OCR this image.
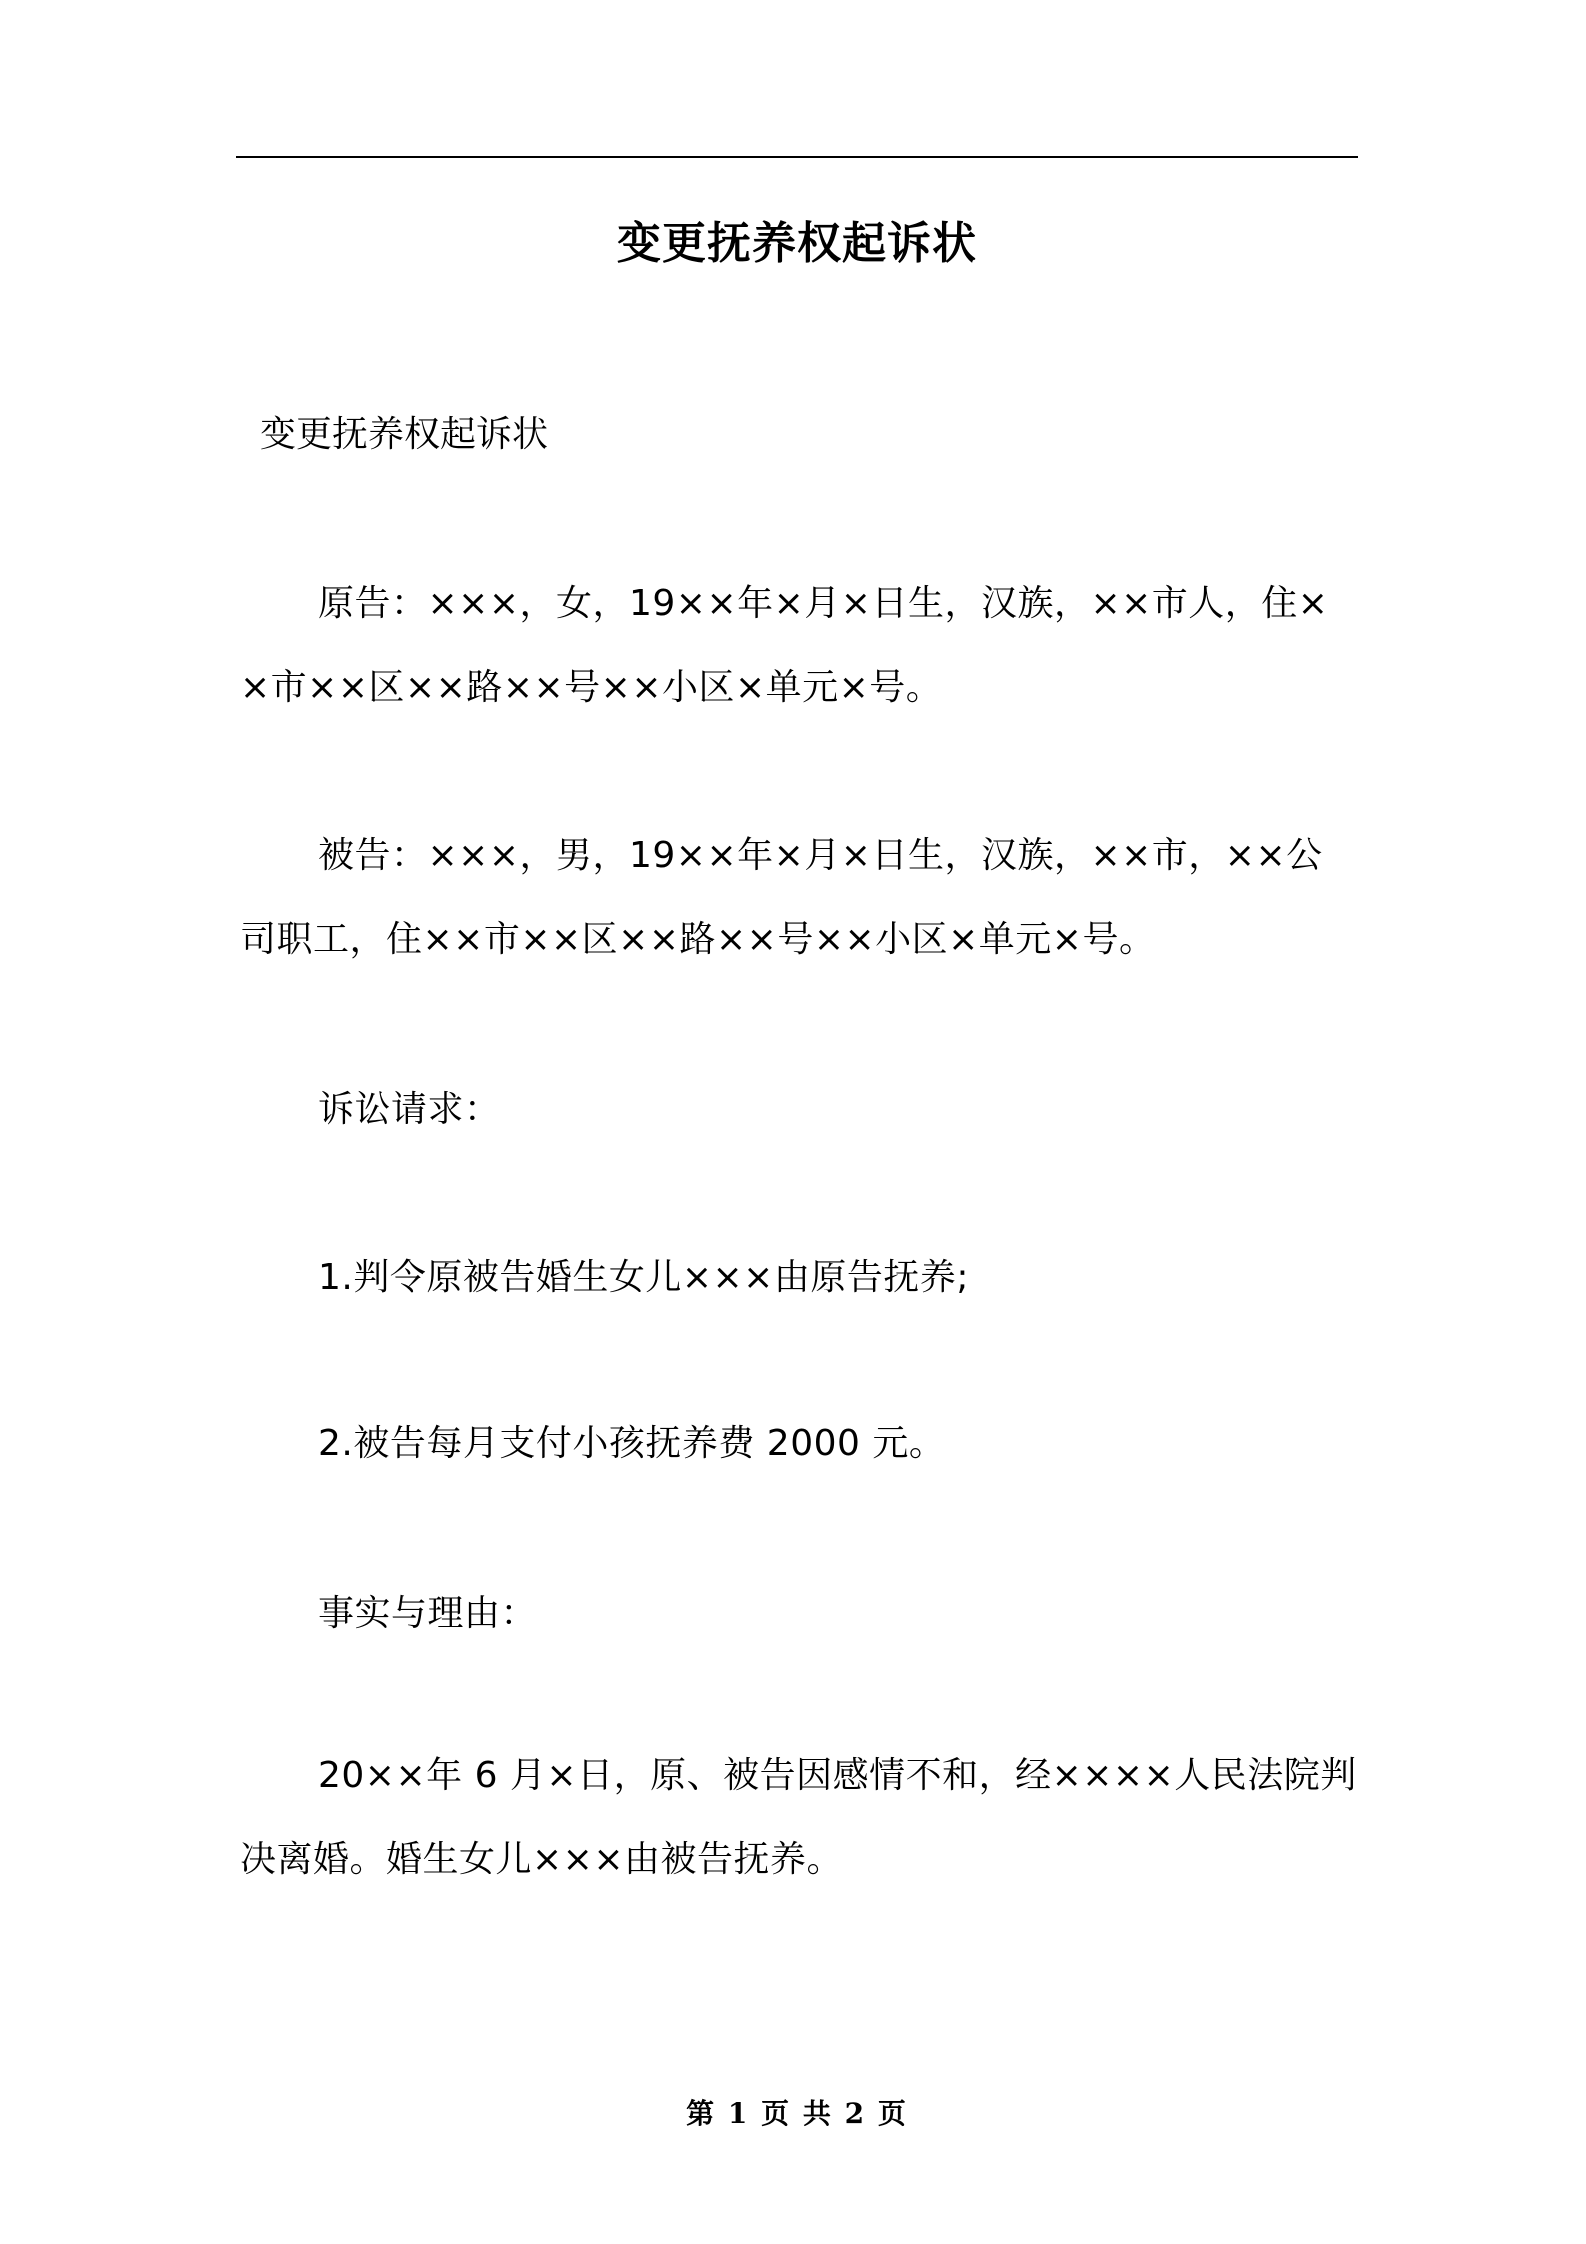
变更抚养权起诉状
变更抚养权起诉状
原告：×××，女，19××年×月×日生，汉族，××市人，住××市××区××路××号××小区×单元×号。
被告：×××，男，19××年×月×日生，汉族，××市，××公司职工，住××市××区××路××号××小区×单元×号。
诉讼请求：
1.判令原被告婚生女儿×××由原告抚养;
2.被告每月支付小孩抚养费 2000 元。
事实与理由：
20××年 6 月×日，原、被告因感情不和，经××××人民法院判决离婚。婚生女儿×××由被告抚养。
第 1 页 共 2 页
